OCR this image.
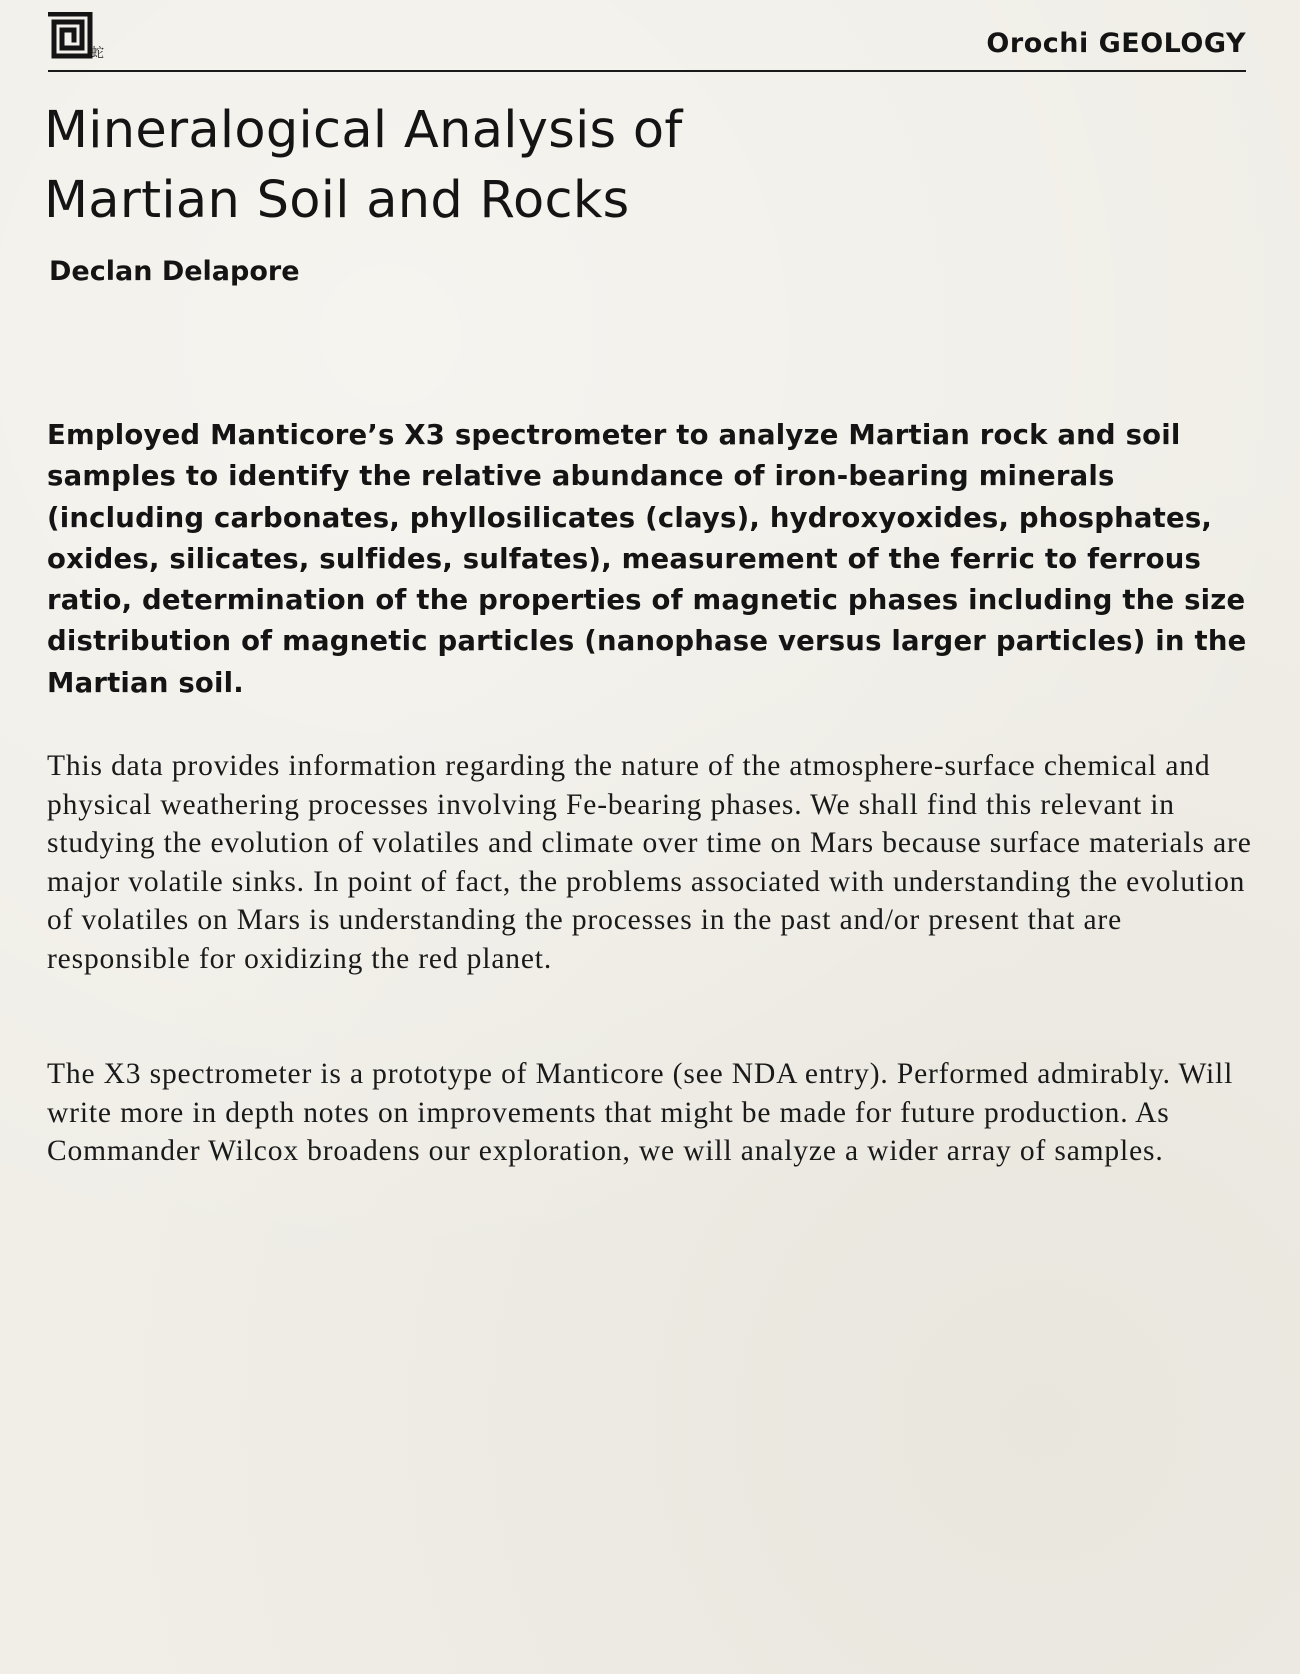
蛇	Orochi GEOLOGY
Mineralogical Analysis of
Martian Soil and Rocks
Declan Delapore

Employed Manticore’s X3 spectrometer to analyze Martian rock and soil samples to identify the relative abundance of iron-bearing minerals (including carbonates, phyllosilicates (clays), hydroxyoxides, phosphates, oxides, silicates, sulfides, sulfates), measurement of the ferric to ferrous ratio, determination of the properties of magnetic phases including the size distribution of magnetic particles (nanophase versus larger particles) in the Martian soil.

This data provides information regarding the nature of the atmosphere-surface chemical and physical weathering processes involving Fe-bearing phases. We shall find this relevant in studying the evolution of volatiles and climate over time on Mars because surface materials are major volatile sinks. In point of fact, the problems associated with understanding the evolution of volatiles on Mars is understanding the processes in the past and/or present that are responsible for oxidizing the red planet.

The X3 spectrometer is a prototype of Manticore (see NDA entry). Performed admirably. Will write more in depth notes on improvements that might be made for future production. As Commander Wilcox broadens our exploration, we will analyze a wider array of samples.
